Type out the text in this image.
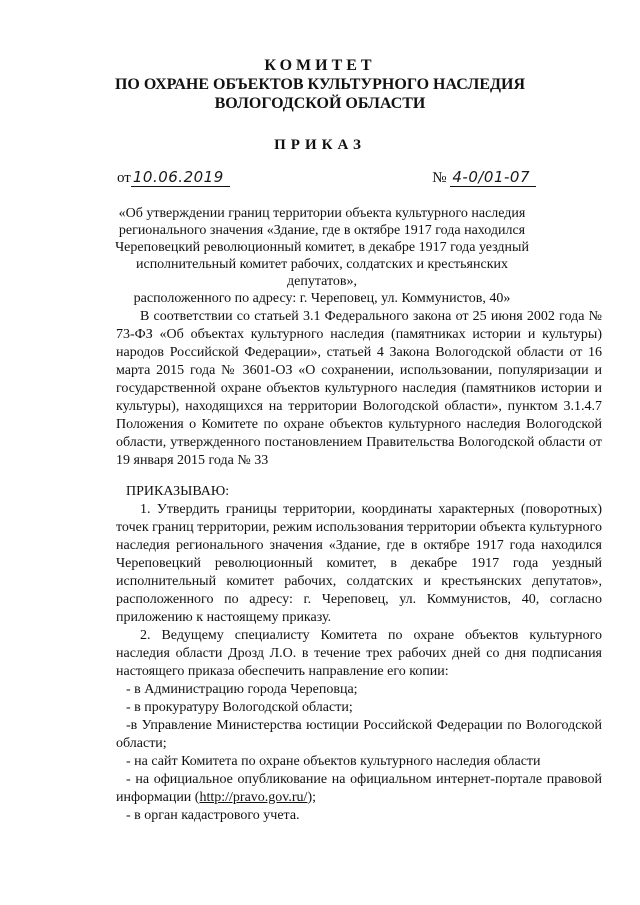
КОМИТЕТ
ПО ОХРАНЕ ОБЪЕКТОВ КУЛЬТУРНОГО НАСЛЕДИЯ
ВОЛОГОДСКОЙ ОБЛАСТИ
ПРИКАЗ
от 10.06.2019	№ 4-0/01-07
«Об утверждении границ территории объекта культурного наследия
регионального значения «Здание, где в октябре 1917 года находился
Череповецкий революционный комитет, в декабре 1917 года уездный
исполнительный комитет рабочих, солдатских и крестьянских депутатов»,
расположенного по адресу: г. Череповец, ул. Коммунистов, 40»

В соответствии со статьей 3.1 Федерального закона от 25 июня 2002 года № 73-ФЗ «Об объектах культурного наследия (памятниках истории и культуры) народов Российской Федерации», статьей 4 Закона Вологодской области от 16 марта 2015 года № 3601-ОЗ «О сохранении, использовании, популяризации и государственной охране объектов культурного наследия (памятников истории и культуры), находящихся на территории Вологодской области», пунктом 3.1.4.7 Положения о Комитете по охране объектов культурного наследия Вологодской области, утвержденного постановлением Правительства Вологодской области от 19 января 2015 года № 33

ПРИКАЗЫВАЮ:

1. Утвердить границы территории, координаты характерных (поворотных) точек границ территории, режим использования территории объекта культурного наследия регионального значения «Здание, где в октябре 1917 года находился Череповецкий революционный комитет, в декабре 1917 года уездный исполнительный комитет рабочих, солдатских и крестьянских депутатов», расположенного по адресу: г. Череповец, ул. Коммунистов, 40, согласно приложению к настоящему приказу.

2. Ведущему специалисту Комитета по охране объектов культурного наследия области Дрозд Л.О. в течение трех рабочих дней со дня подписания настоящего приказа обеспечить направление его копии:

- в Администрацию города Череповца;

- в прокуратуру Вологодской области;

-в Управление Министерства юстиции Российской Федерации по Вологодской области;

- на сайт Комитета по охране объектов культурного наследия области

- на официальное опубликование на официальном интернет-портале правовой информации (http://pravo.gov.ru/);

- в орган кадастрового учета.
